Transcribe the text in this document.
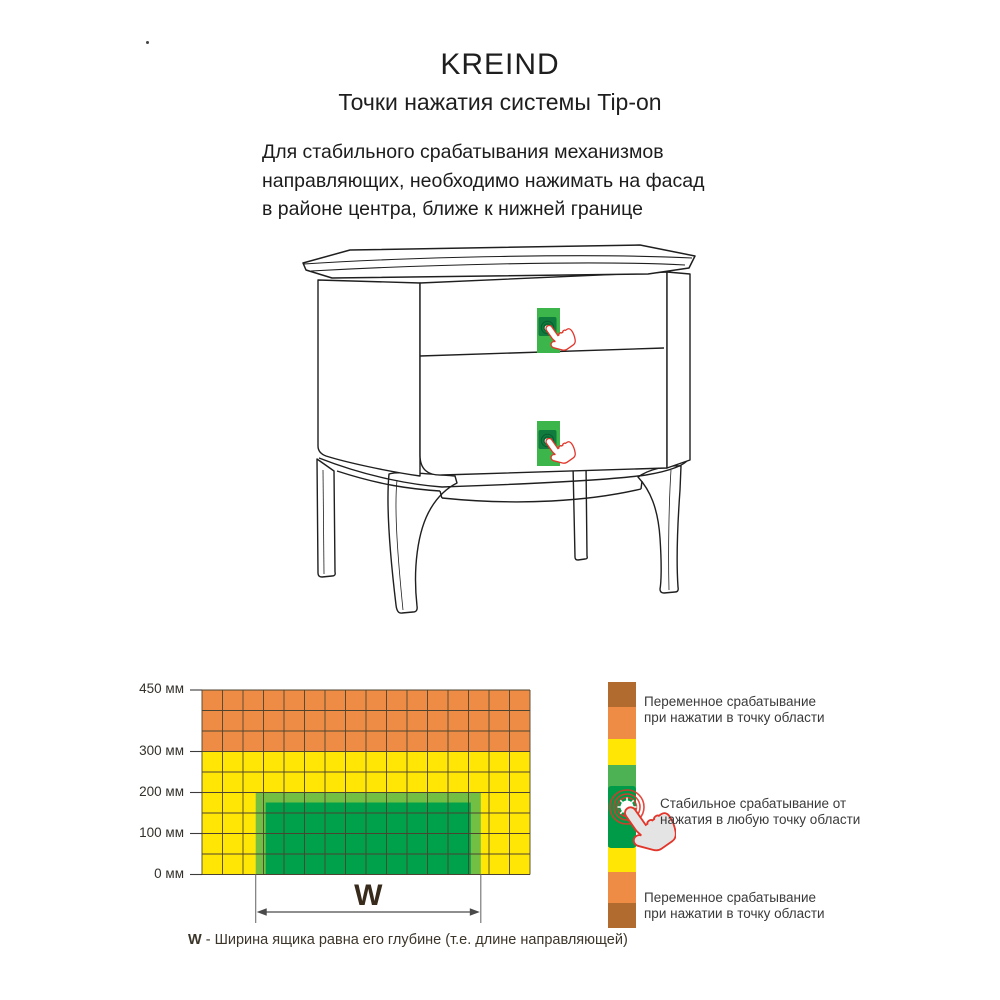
KREIND
Точки нажатия системы Tip-on
Для стабильного срабатывания механизмов
направляющих, необходимо нажимать на фасад
в районе центра, ближе к нижней границе
W
450 мм
300 мм
200 мм
100 мм
0 мм
W - Ширина ящика равна его глубине (т.е. длине направляющей)
Переменное срабатывание
при нажатии в точку области
Стабильное срабатывание от
нажатия в любую точку области
Переменное срабатывание
при нажатии в точку области
